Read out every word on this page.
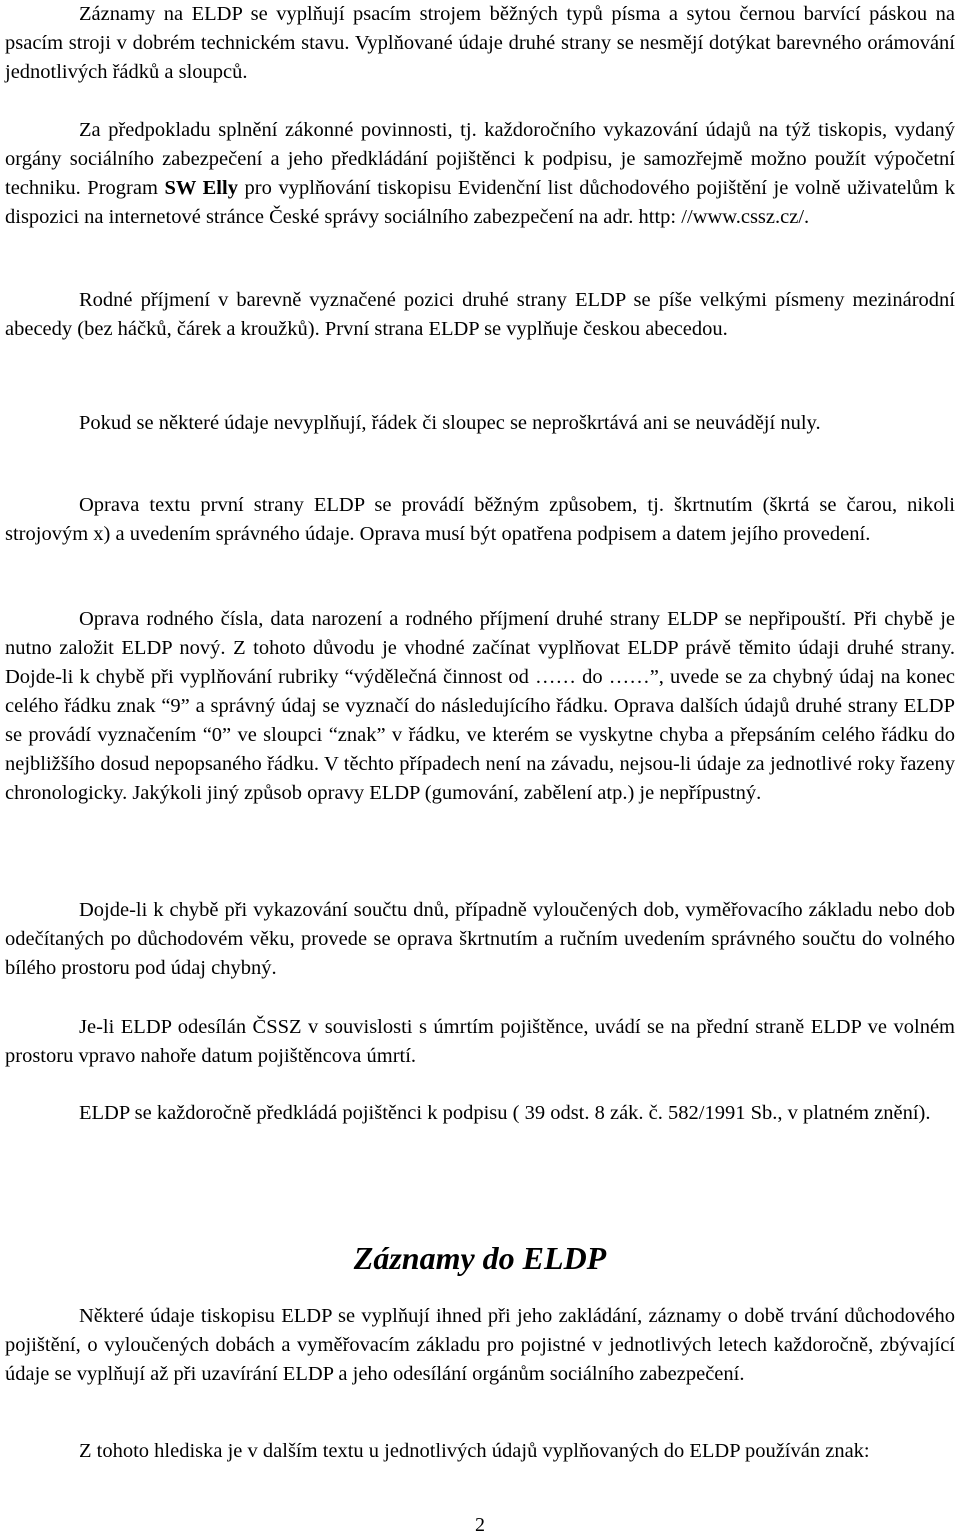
Záznamy na ELDP se vyplňují psacím strojem běžných typů písma a sytou černou barvící páskou na psacím stroji v dobrém technickém stavu. Vyplňované údaje druhé strany se nesmějí dotýkat barevného orámování jednotlivých řádků a sloupců.

Za předpokladu splnění zákonné povinnosti, tj. každoročního vykazování údajů na týž tiskopis, vydaný orgány sociálního zabezpečení a jeho předkládání pojištěnci k podpisu, je samozřejmě možno použít výpočetní techniku. Program SW Elly pro vyplňování tiskopisu Evidenční list důchodového pojištění je volně uživatelům k dispozici na internetové stránce České správy sociálního zabezpečení na adr. http: //www.cssz.cz/.

Rodné příjmení v barevně vyznačené pozici druhé strany ELDP se píše velkými písmeny mezinárodní abecedy (bez háčků, čárek a kroužků). První strana ELDP se vyplňuje českou abecedou.

Pokud se některé údaje nevyplňují, řádek či sloupec se neproškrtává ani se neuvádějí nuly.

Oprava textu první strany ELDP se provádí běžným způsobem, tj. škrtnutím (škrtá se čarou, nikoli strojovým x) a uvedením správného údaje. Oprava musí být opatřena podpisem a datem jejího provedení.

Oprava rodného čísla, data narození a rodného příjmení druhé strany ELDP se nepřipouští. Při chybě je nutno založit ELDP nový. Z tohoto důvodu je vhodné začínat vyplňovat ELDP právě těmito údaji druhé strany. Dojde-li k chybě při vyplňování rubriky “výdělečná činnost od …… do ……”, uvede se za chybný údaj na konec celého řádku znak “9” a správný údaj se vyznačí do následujícího řádku. Oprava dalších údajů druhé strany ELDP se provádí vyznačením “0” ve sloupci “znak” v řádku, ve kterém se vyskytne chyba a přepsáním celého řádku do nejbližšího dosud nepopsaného řádku. V těchto případech není na závadu, nejsou-li údaje za jednotlivé roky řazeny chronologicky. Jakýkoli jiný způsob opravy ELDP (gumování, zabělení atp.) je nepřípustný.

Dojde-li k chybě při vykazování součtu dnů, případně vyloučených dob, vyměřovacího základu nebo dob odečítaných po důchodovém věku, provede se oprava škrtnutím a ručním uvedením správného součtu do volného bílého prostoru pod údaj chybný.

Je-li ELDP odesílán ČSSZ v souvislosti s úmrtím pojištěnce, uvádí se na přední straně ELDP ve volném prostoru vpravo nahoře datum pojištěncova úmrtí.

ELDP se každoročně předkládá pojištěnci k podpisu ( 39 odst. 8 zák. č. 582/1991 Sb., v platném znění).

Záznamy do ELDP

Některé údaje tiskopisu ELDP se vyplňují ihned při jeho zakládání, záznamy o době trvání důchodového pojištění, o vyloučených dobách a vyměřovacím základu pro pojistné v jednotlivých letech každoročně, zbývající údaje se vyplňují až při uzavírání ELDP a jeho odesílání orgánům sociálního zabezpečení.

Z tohoto hlediska je v dalším textu u jednotlivých údajů vyplňovaných do ELDP používán znak:

2
